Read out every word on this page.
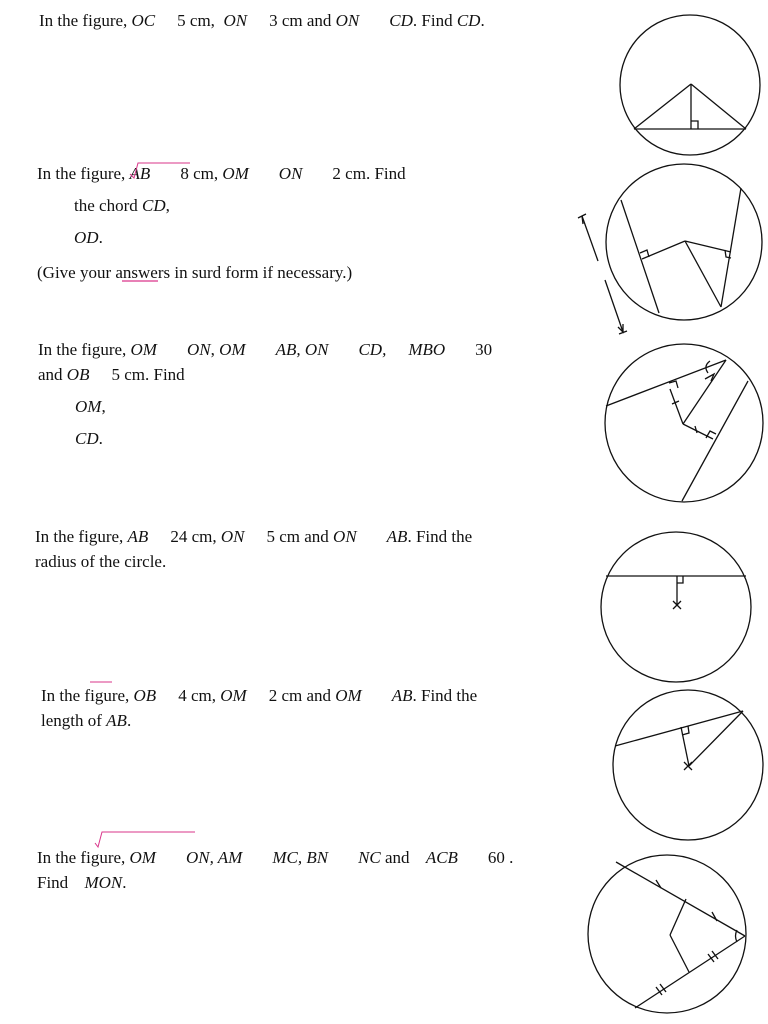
In the figure, OC 5 cm, ON 3 cm and ON CD. Find CD.
In the figure, AB 8 cm, OM ON 2 cm. Find
the chord CD,
OD.
(Give your answers in surd form if necessary.)
In the figure, OM ON, OM AB, ON CD, MBO 30
and OB 5 cm. Find
OM,
CD.
In the figure, AB 24 cm, ON 5 cm and ON AB. Find the
radius of the circle.
In the figure, OB 4 cm, OM 2 cm and OM AB. Find the
length of AB.
In the figure, OM ON, AM MC, BN NC and ACB 60 .
Find MON.
